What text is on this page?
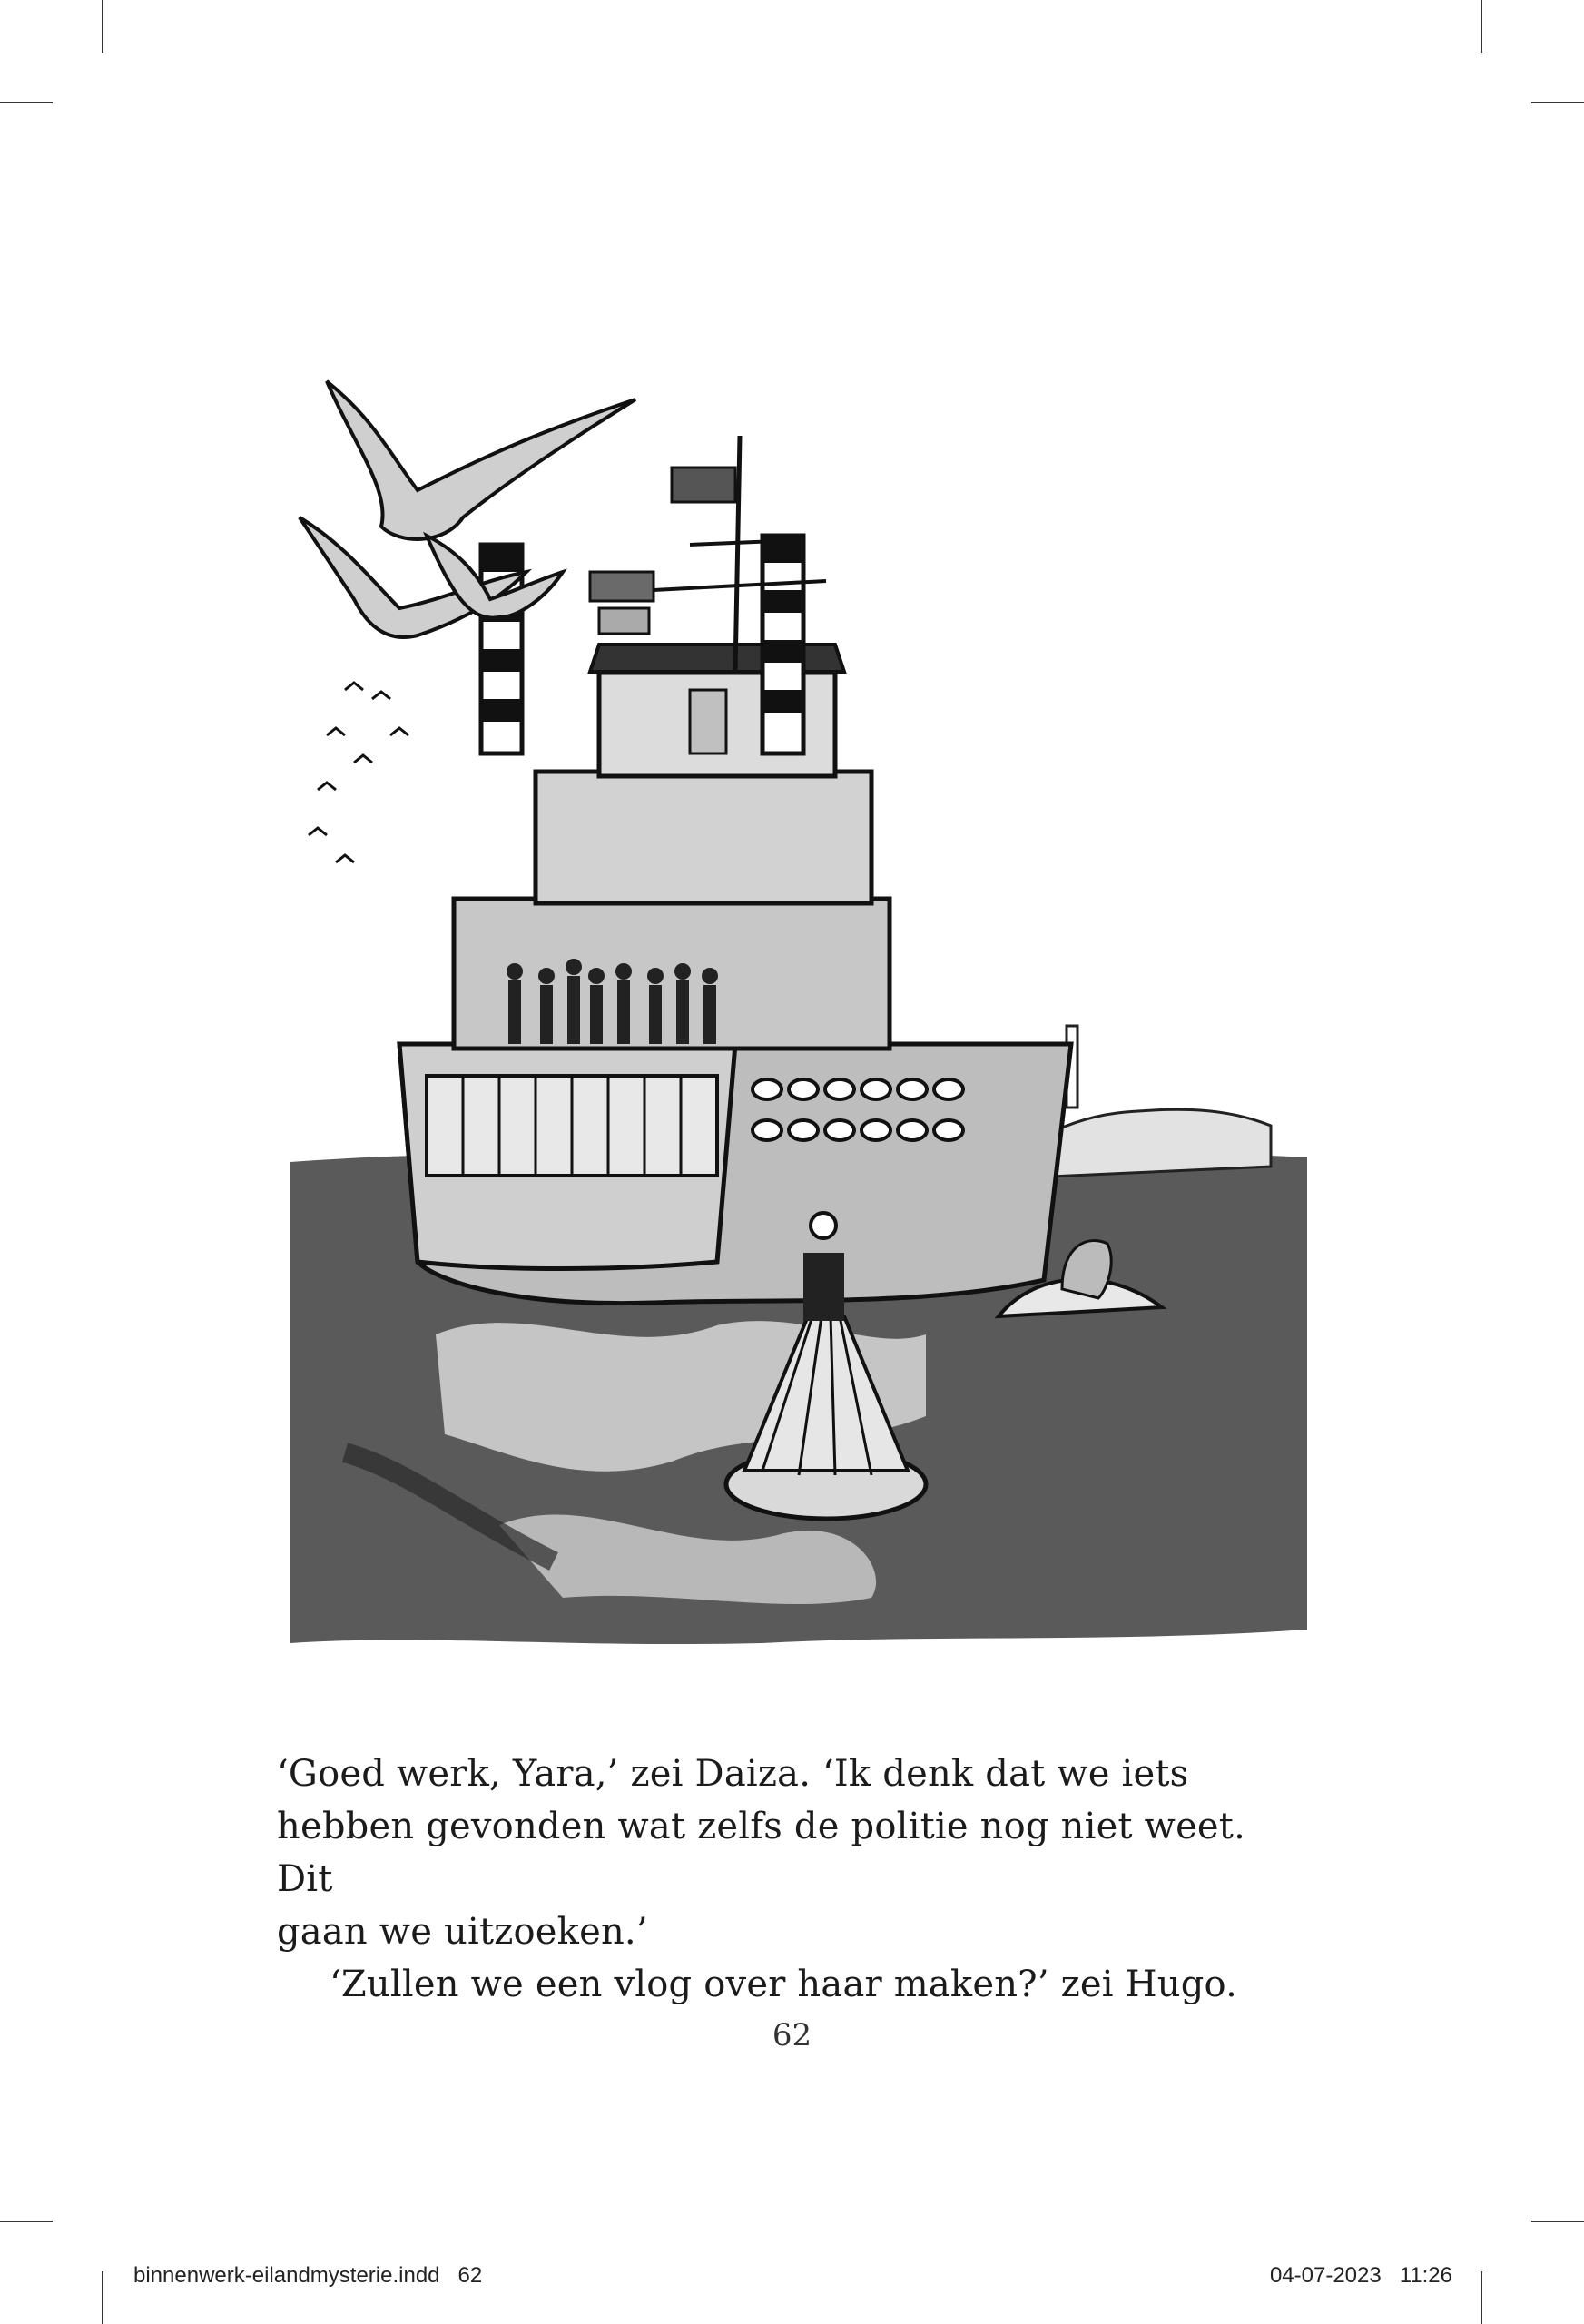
‘Goed werk, Yara,’ zei Daiza. ‘Ik denk dat we iets

hebben gevonden wat zelfs de politie nog niet weet. Dit

gaan we uitzoeken.’

‘Zullen we een vlog over haar maken?’ zei Hugo.

62
binnenwerk-eilandmysterie.indd   62	04-07-2023   11:26
